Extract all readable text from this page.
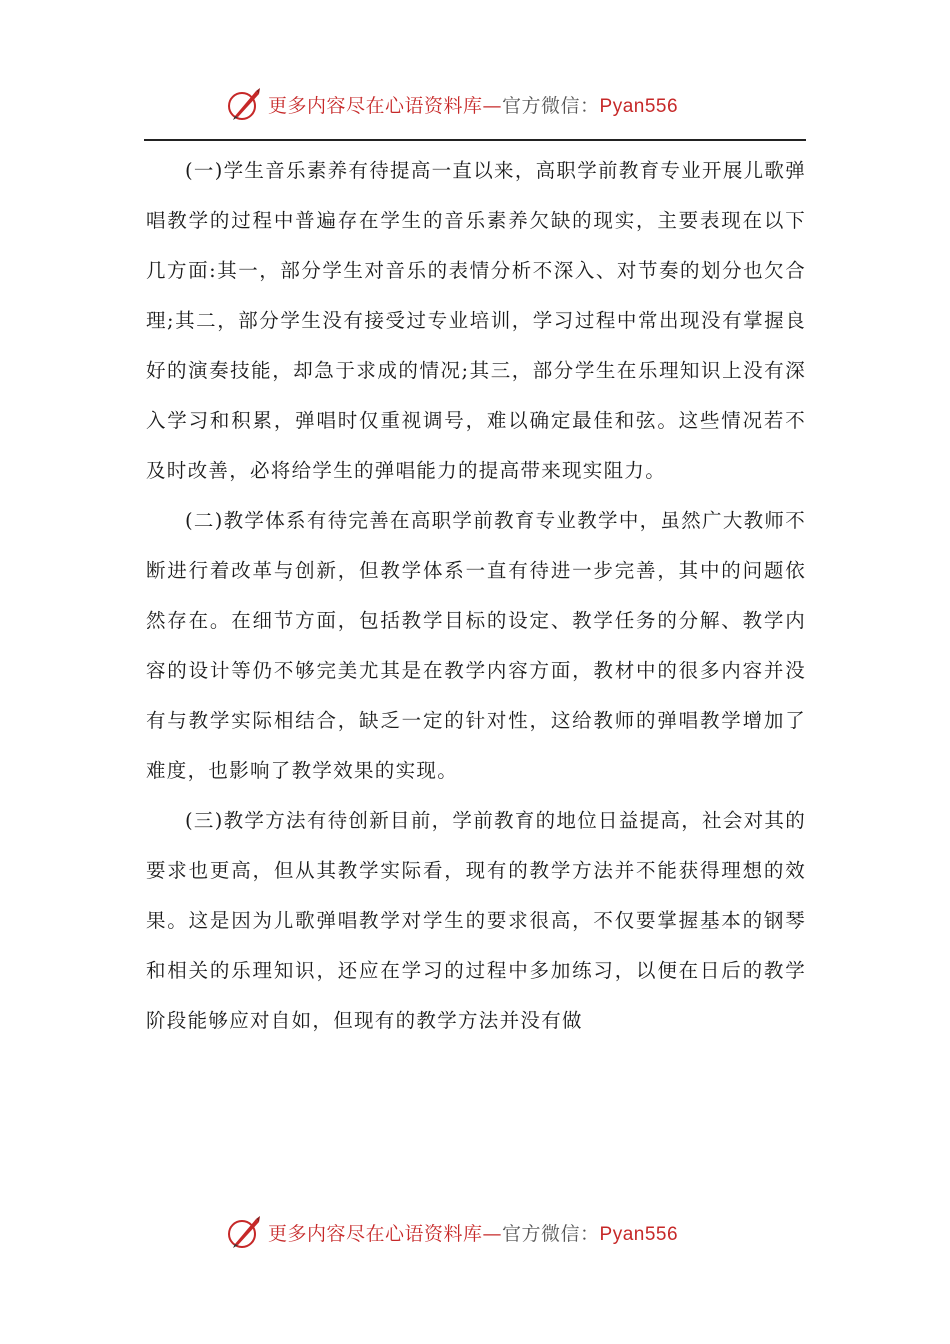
更多内容尽在心语资料库—官方微信：Pyan556

(一)学生音乐素养有待提高一直以来，高职学前教育专业开展儿歌弹唱教学的过程中普遍存在学生的音乐素养欠缺的现实，主要表现在以下几方面:其一，部分学生对音乐的表情分析不深入、对节奏的划分也欠合理;其二，部分学生没有接受过专业培训，学习过程中常出现没有掌握良好的演奏技能，却急于求成的情况;其三，部分学生在乐理知识上没有深入学习和积累，弹唱时仅重视调号，难以确定最佳和弦。这些情况若不及时改善，必将给学生的弹唱能力的提高带来现实阻力。

(二)教学体系有待完善在高职学前教育专业教学中，虽然广大教师不断进行着改革与创新，但教学体系一直有待进一步完善，其中的问题依然存在。在细节方面，包括教学目标的设定、教学任务的分解、教学内容的设计等仍不够完美尤其是在教学内容方面，教材中的很多内容并没有与教学实际相结合，缺乏一定的针对性，这给教师的弹唱教学增加了难度，也影响了教学效果的实现。

(三)教学方法有待创新目前，学前教育的地位日益提高，社会对其的要求也更高，但从其教学实际看，现有的教学方法并不能获得理想的效果。这是因为儿歌弹唱教学对学生的要求很高，不仅要掌握基本的钢琴和相关的乐理知识，还应在学习的过程中多加练习，以便在日后的教学阶段能够应对自如，但现有的教学方法并没有做

更多内容尽在心语资料库—官方微信：Pyan556
